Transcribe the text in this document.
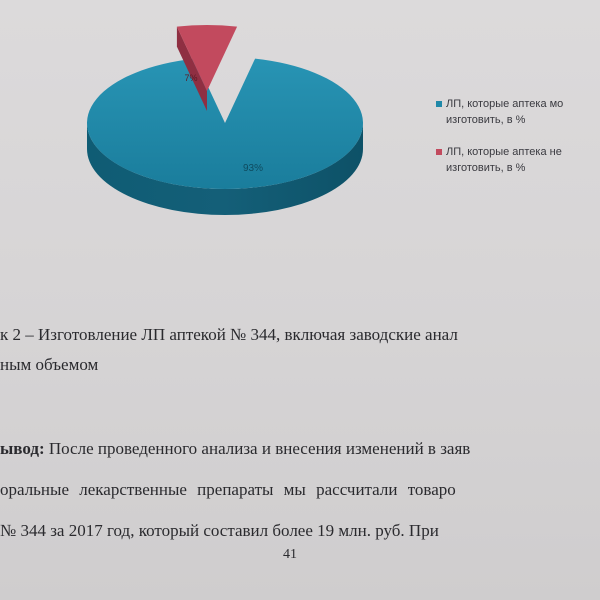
93%
7%
ЛП, которые аптека мо
изготовить, в %
ЛП, которые аптека не
изготовить, в %
к 2 – Изготовление ЛП аптекой № 344, включая заводские анал
ным объемом
ывод: После проведенного анализа и внесения изменений в заяв
оральные лекарственные препараты мы рассчитали товаро
№ 344 за 2017 год, который составил более 19 млн. руб. При
41
